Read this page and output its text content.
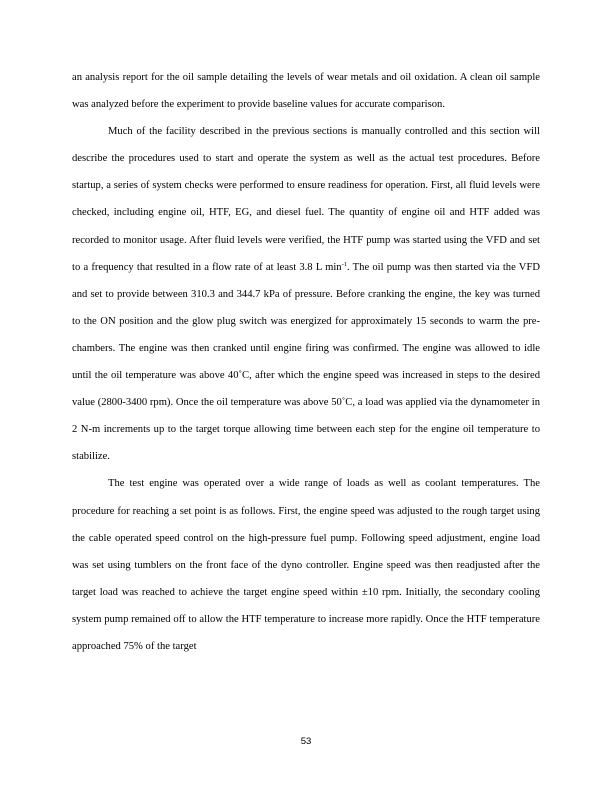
an analysis report for the oil sample detailing the levels of wear metals and oil oxidation. A clean oil sample was analyzed before the experiment to provide baseline values for accurate comparison.

Much of the facility described in the previous sections is manually controlled and this section will describe the procedures used to start and operate the system as well as the actual test procedures. Before startup, a series of system checks were performed to ensure readiness for operation. First, all fluid levels were checked, including engine oil, HTF, EG, and diesel fuel. The quantity of engine oil and HTF added was recorded to monitor usage. After fluid levels were verified, the HTF pump was started using the VFD and set to a frequency that resulted in a flow rate of at least 3.8 L $\min^{-1}$. The oil pump was then started via the VFD and set to provide between 310.3 and 344.7 kPa of pressure. Before cranking the engine, the key was turned to the ON position and the glow plug switch was energized for approximately 15 seconds to warm the pre-chambers. The engine was then cranked until engine firing was confirmed. The engine was allowed to idle until the oil temperature was above 40˚C, after which the engine speed was increased in steps to the desired value (2800-3400 rpm). Once the oil temperature was above 50˚C, a load was applied via the dynamometer in 2 N-m increments up to the target torque allowing time between each step for the engine oil temperature to stabilize.

The test engine was operated over a wide range of loads as well as coolant temperatures. The procedure for reaching a set point is as follows. First, the engine speed was adjusted to the rough target using the cable operated speed control on the high-pressure fuel pump. Following speed adjustment, engine load was set using tumblers on the front face of the dyno controller. Engine speed was then readjusted after the target load was reached to achieve the target engine speed within ±10 rpm. Initially, the secondary cooling system pump remained off to allow the HTF temperature to increase more rapidly. Once the HTF temperature approached 75% of the target

53
